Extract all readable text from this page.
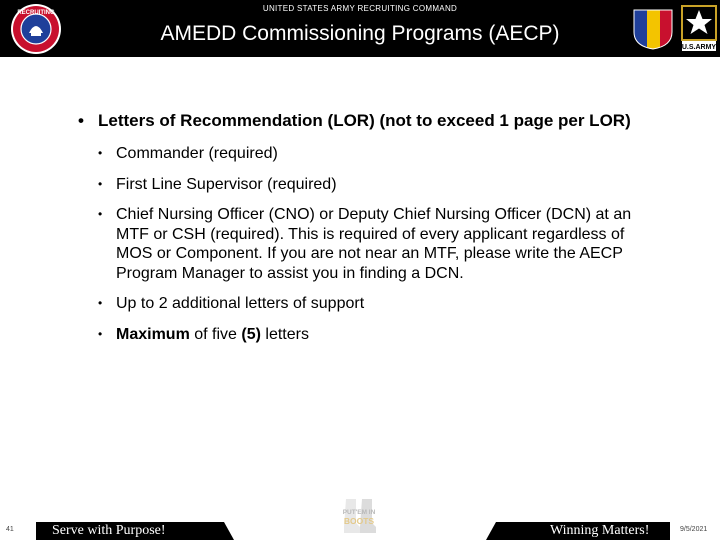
UNITED STATES ARMY RECRUITING COMMAND
AMEDD Commissioning Programs (AECP)
RECRUITING
U.S.ARMY
• Letters of Recommendation (LOR) (not to exceed 1 page per LOR)
• Commander (required)
• First Line Supervisor (required)
• Chief Nursing Officer (CNO) or Deputy Chief Nursing Officer (DCN) at an MTF or CSH (required). This is required of every applicant regardless of MOS or Component. If you are not near an MTF, please write the AECP Program Manager to assist you in finding a DCN.
• Up to 2 additional letters of support
• Maximum of five (5) letters
Serve with Purpose!	Winning Matters!
41	9/5/2021
PUT'EM IN
BOOTS
